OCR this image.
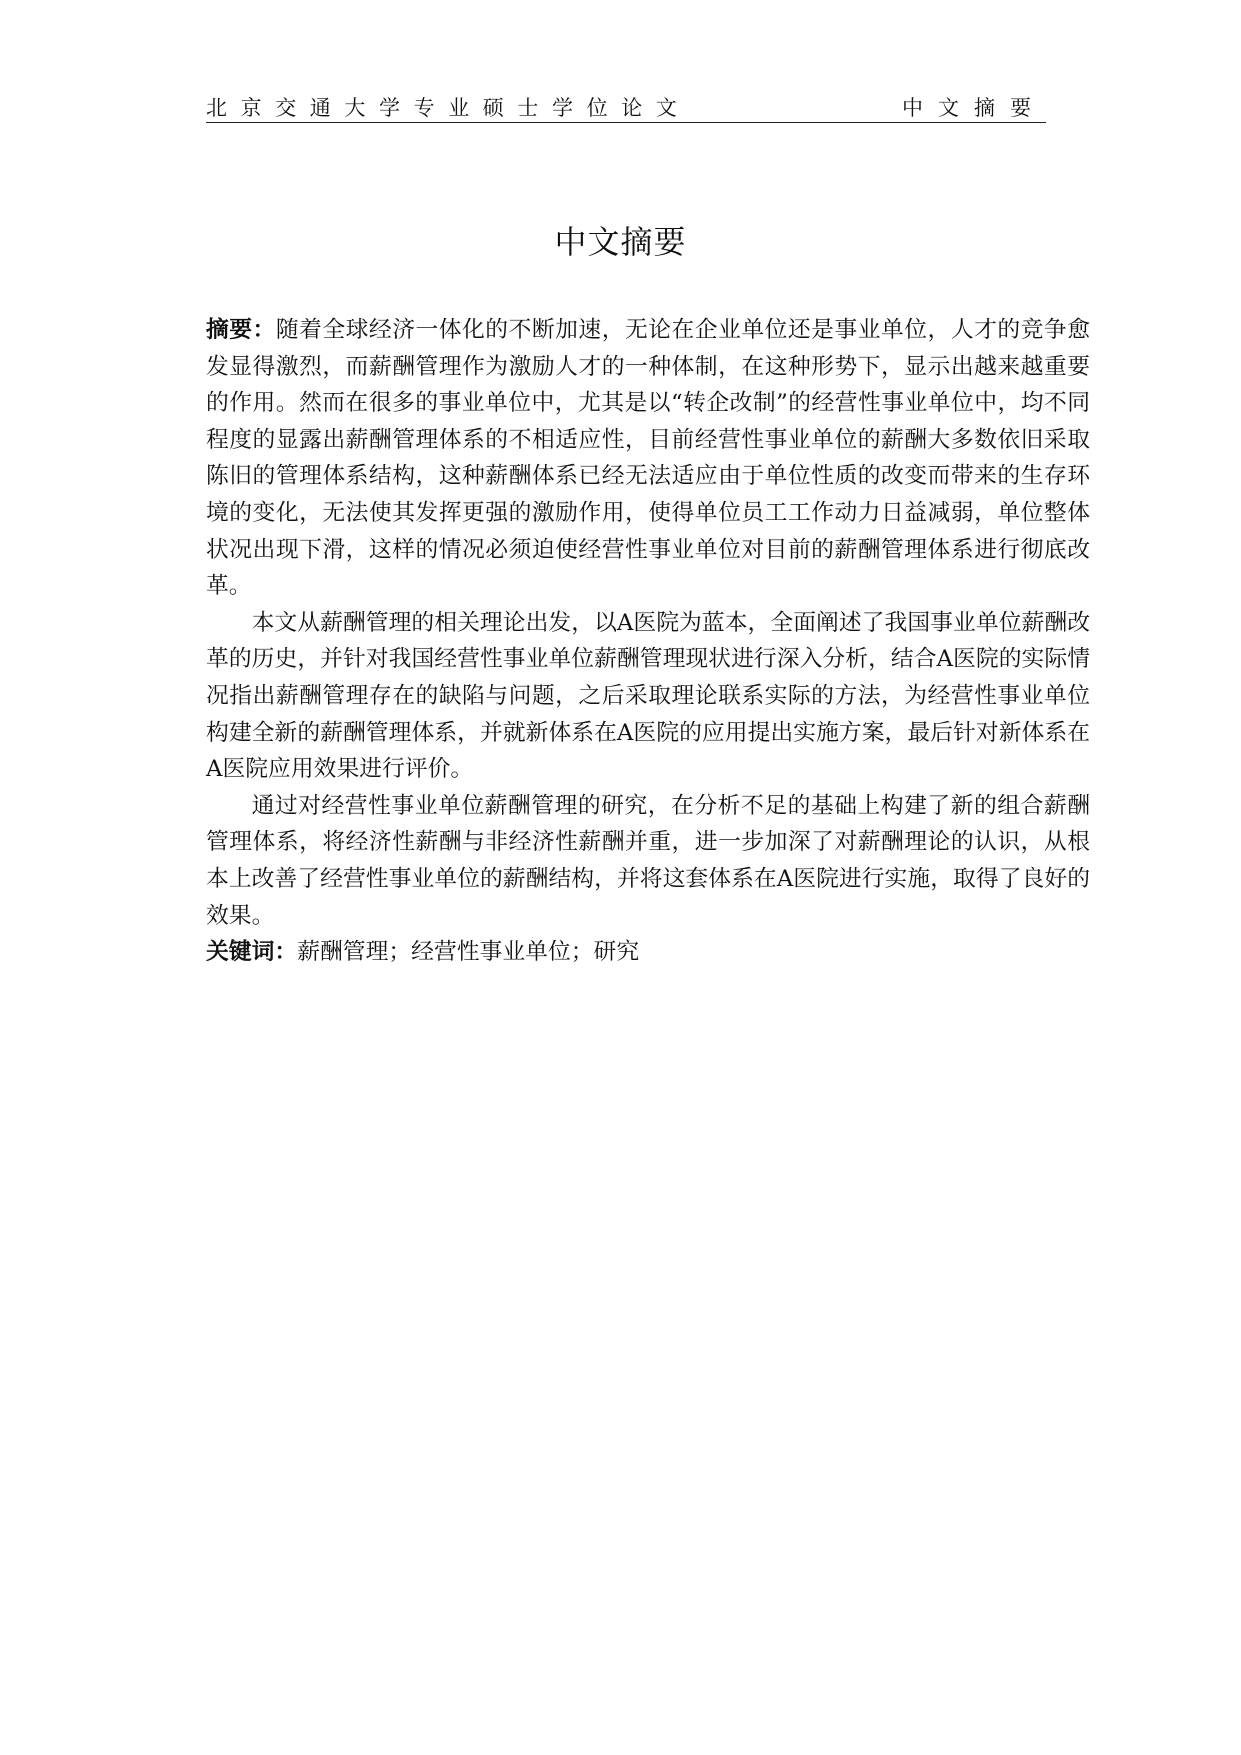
北京交通大学专业硕士学位论文	中文摘要
中文摘要

摘要：随着全球经济一体化的不断加速，无论在企业单位还是事业单位，人才的竞争愈发显得激烈，而薪酬管理作为激励人才的一种体制，在这种形势下，显示出越来越重要的作用。然而在很多的事业单位中，尤其是以“转企改制”的经营性事业单位中，均不同程度的显露出薪酬管理体系的不相适应性，目前经营性事业单位的薪酬大多数依旧采取陈旧的管理体系结构，这种薪酬体系已经无法适应由于单位性质的改变而带来的生存环境的变化，无法使其发挥更强的激励作用，使得单位员工工作动力日益减弱，单位整体状况出现下滑，这样的情况必须迫使经营性事业单位对目前的薪酬管理体系进行彻底改革。

本文从薪酬管理的相关理论出发，以A医院为蓝本，全面阐述了我国事业单位薪酬改革的历史，并针对我国经营性事业单位薪酬管理现状进行深入分析，结合A医院的实际情况指出薪酬管理存在的缺陷与问题，之后采取理论联系实际的方法，为经营性事业单位构建全新的薪酬管理体系，并就新体系在A医院的应用提出实施方案，最后针对新体系在A医院应用效果进行评价。

通过对经营性事业单位薪酬管理的研究，在分析不足的基础上构建了新的组合薪酬管理体系，将经济性薪酬与非经济性薪酬并重，进一步加深了对薪酬理论的认识，从根本上改善了经营性事业单位的薪酬结构，并将这套体系在A医院进行实施，取得了良好的效果。

关键词：薪酬管理；经营性事业单位；研究
